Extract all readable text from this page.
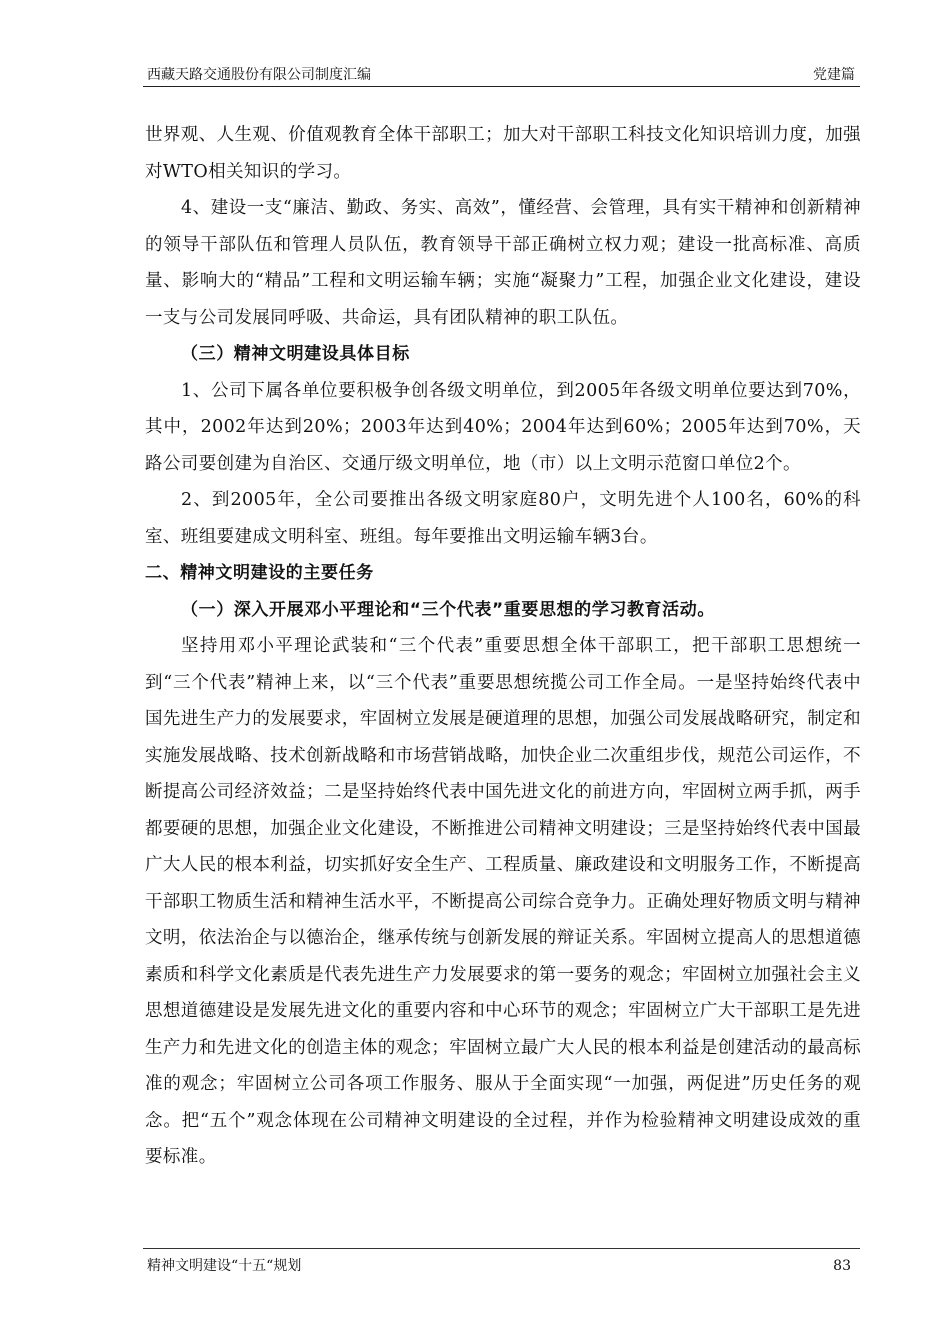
西藏天路交通股份有限公司制度汇编	党建篇

世界观、人生观、价值观教育全体干部职工；加大对干部职工科技文化知识培训力度，加强对WTO相关知识的学习。

4、建设一支“廉洁、勤政、务实、高效”，懂经营、会管理，具有实干精神和创新精神的领导干部队伍和管理人员队伍，教育领导干部正确树立权力观；建设一批高标准、高质量、影响大的“精品”工程和文明运输车辆；实施“凝聚力”工程，加强企业文化建设，建设一支与公司发展同呼吸、共命运，具有团队精神的职工队伍。

（三）精神文明建设具体目标

1、公司下属各单位要积极争创各级文明单位，到2005年各级文明单位要达到70%，其中，2002年达到20%；2003年达到40%；2004年达到60%；2005年达到70%，天路公司要创建为自治区、交通厅级文明单位，地（市）以上文明示范窗口单位2个。

2、到2005年，全公司要推出各级文明家庭80户，文明先进个人100名，60%的科室、班组要建成文明科室、班组。每年要推出文明运输车辆3台。

二、精神文明建设的主要任务

（一）深入开展邓小平理论和“三个代表”重要思想的学习教育活动。

坚持用邓小平理论武装和“三个代表”重要思想全体干部职工，把干部职工思想统一到“三个代表”精神上来，以“三个代表”重要思想统揽公司工作全局。一是坚持始终代表中国先进生产力的发展要求，牢固树立发展是硬道理的思想，加强公司发展战略研究，制定和实施发展战略、技术创新战略和市场营销战略，加快企业二次重组步伐，规范公司运作，不断提高公司经济效益；二是坚持始终代表中国先进文化的前进方向，牢固树立两手抓，两手都要硬的思想，加强企业文化建设，不断推进公司精神文明建设；三是坚持始终代表中国最广大人民的根本利益，切实抓好安全生产、工程质量、廉政建设和文明服务工作，不断提高干部职工物质生活和精神生活水平，不断提高公司综合竞争力。正确处理好物质文明与精神文明，依法治企与以德治企，继承传统与创新发展的辩证关系。牢固树立提高人的思想道德素质和科学文化素质是代表先进生产力发展要求的第一要务的观念；牢固树立加强社会主义思想道德建设是发展先进文化的重要内容和中心环节的观念；牢固树立广大干部职工是先进生产力和先进文化的创造主体的观念；牢固树立最广大人民的根本利益是创建活动的最高标准的观念；牢固树立公司各项工作服务、服从于全面实现“一加强，两促进”历史任务的观念。把“五个”观念体现在公司精神文明建设的全过程，并作为检验精神文明建设成效的重要标准。

精神文明建设“十五“规划	83
